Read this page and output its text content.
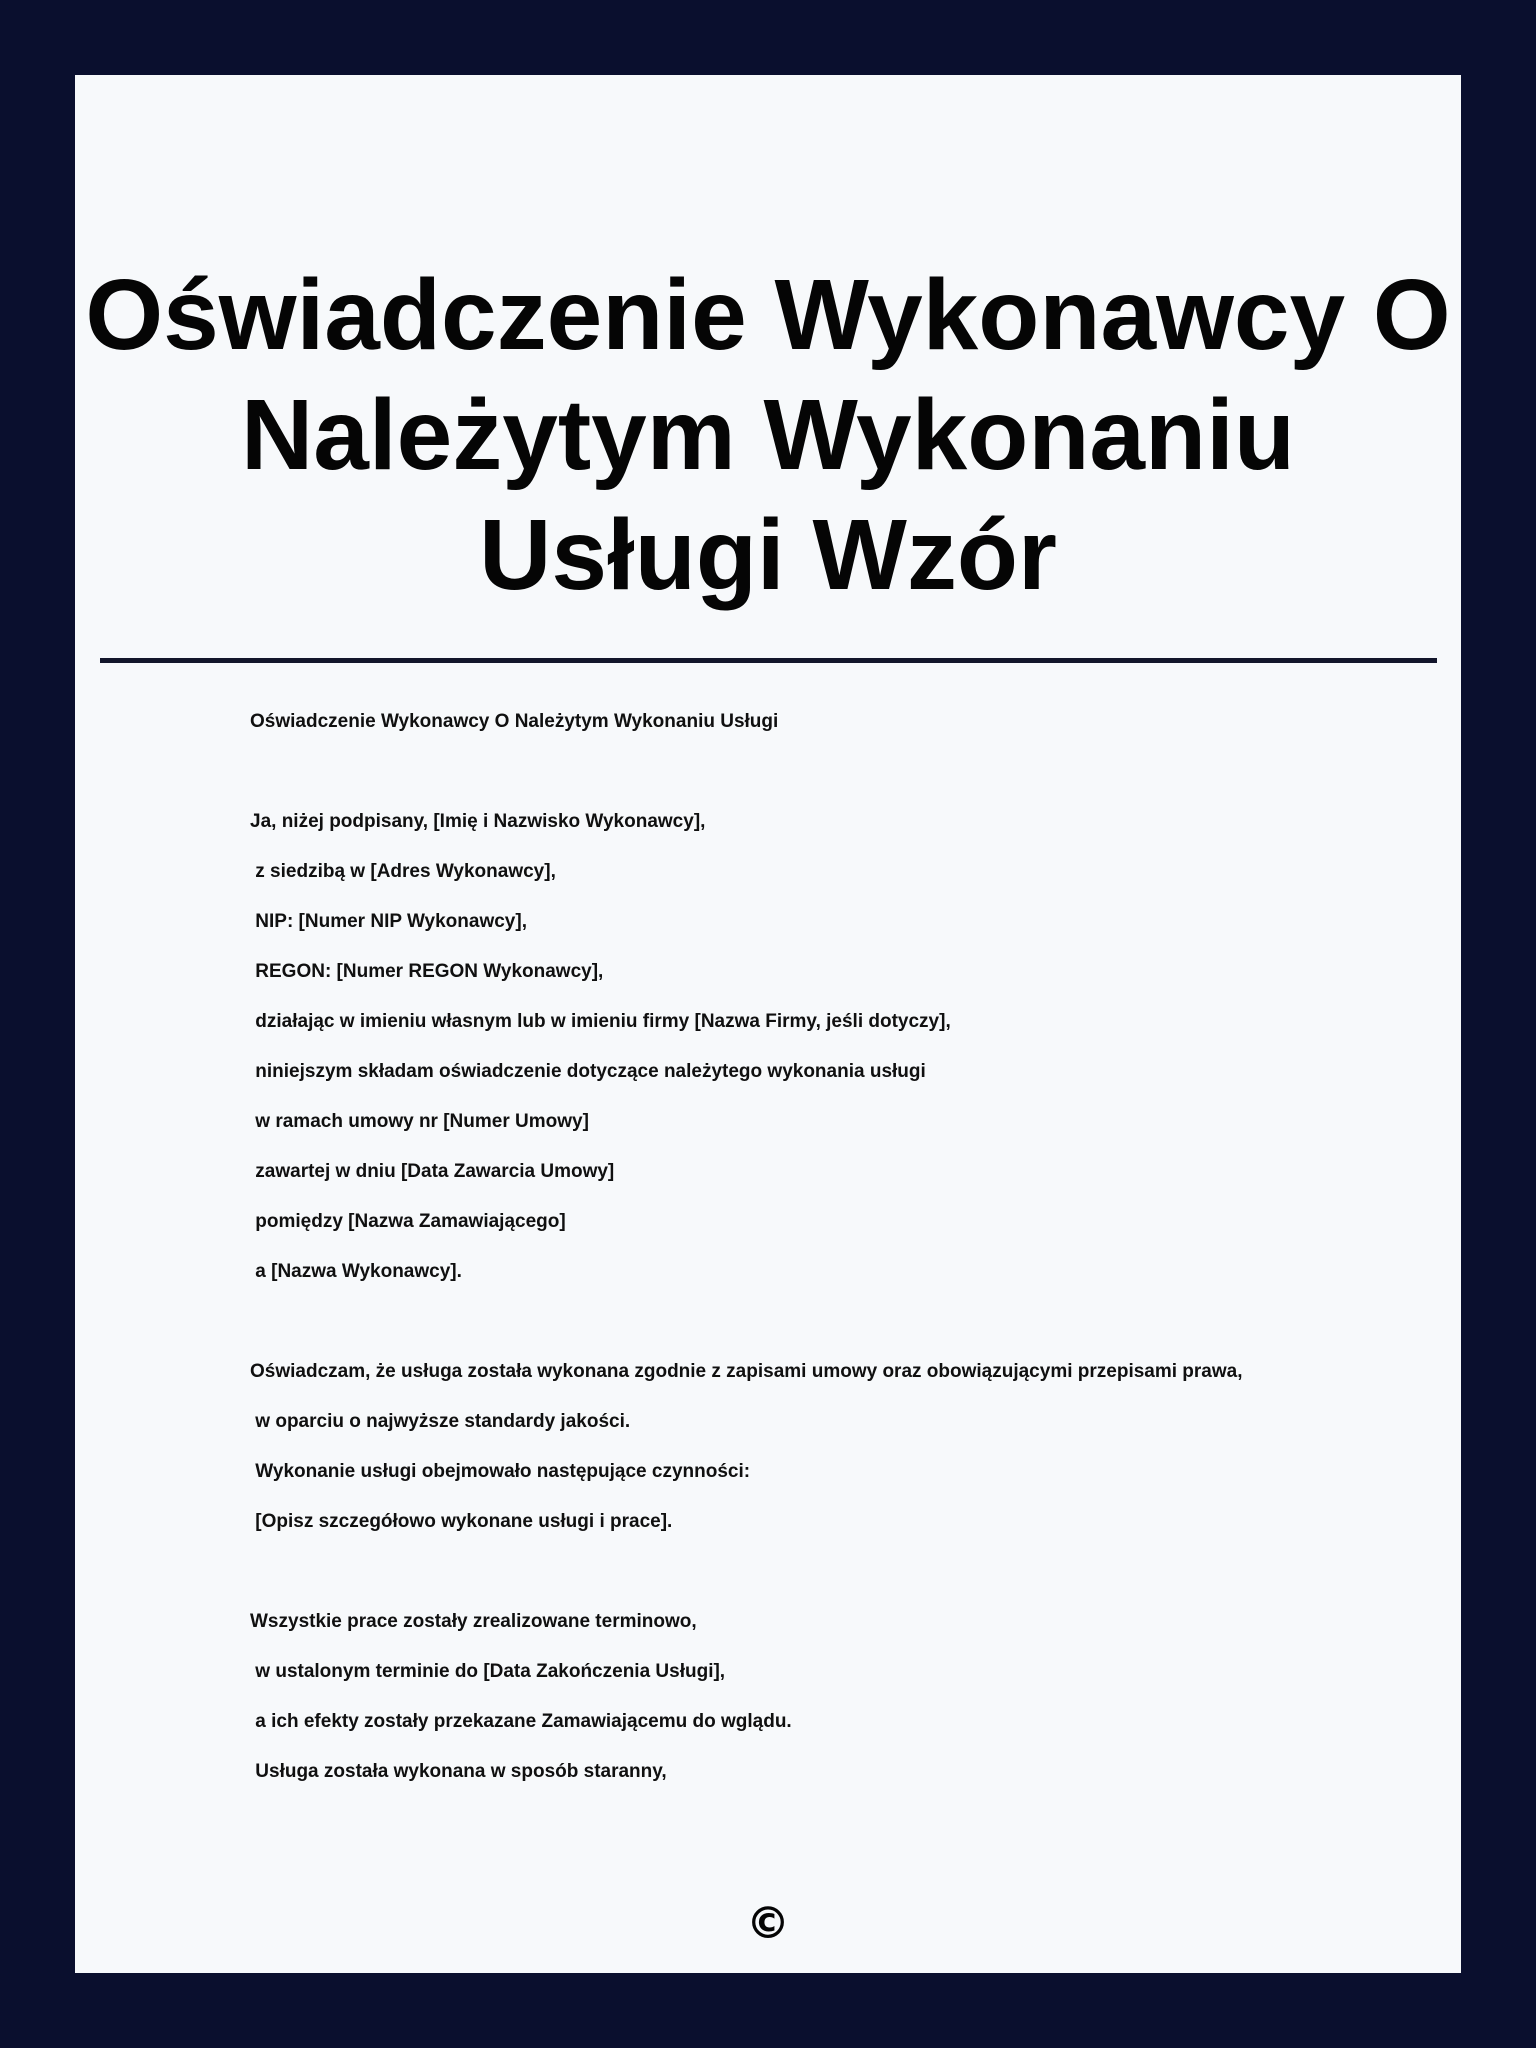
Oświadczenie Wykonawcy O Należytym Wykonaniu Usługi Wzór
Oświadczenie Wykonawcy O Należytym Wykonaniu Usługi
Ja, niżej podpisany, [Imię i Nazwisko Wykonawcy],
z siedzibą w [Adres Wykonawcy],
NIP: [Numer NIP Wykonawcy],
REGON: [Numer REGON Wykonawcy],
działając w imieniu własnym lub w imieniu firmy [Nazwa Firmy, jeśli dotyczy],
niniejszym składam oświadczenie dotyczące należytego wykonania usługi
w ramach umowy nr [Numer Umowy]
zawartej w dniu [Data Zawarcia Umowy]
pomiędzy [Nazwa Zamawiającego]
a [Nazwa Wykonawcy].
Oświadczam, że usługa została wykonana zgodnie z zapisami umowy oraz obowiązującymi przepisami prawa,
w oparciu o najwyższe standardy jakości.
Wykonanie usługi obejmowało następujące czynności:
[Opisz szczegółowo wykonane usługi i prace].
Wszystkie prace zostały zrealizowane terminowo,
w ustalonym terminie do [Data Zakończenia Usługi],
a ich efekty zostały przekazane Zamawiającemu do wglądu.
Usługa została wykonana w sposób staranny,
©
